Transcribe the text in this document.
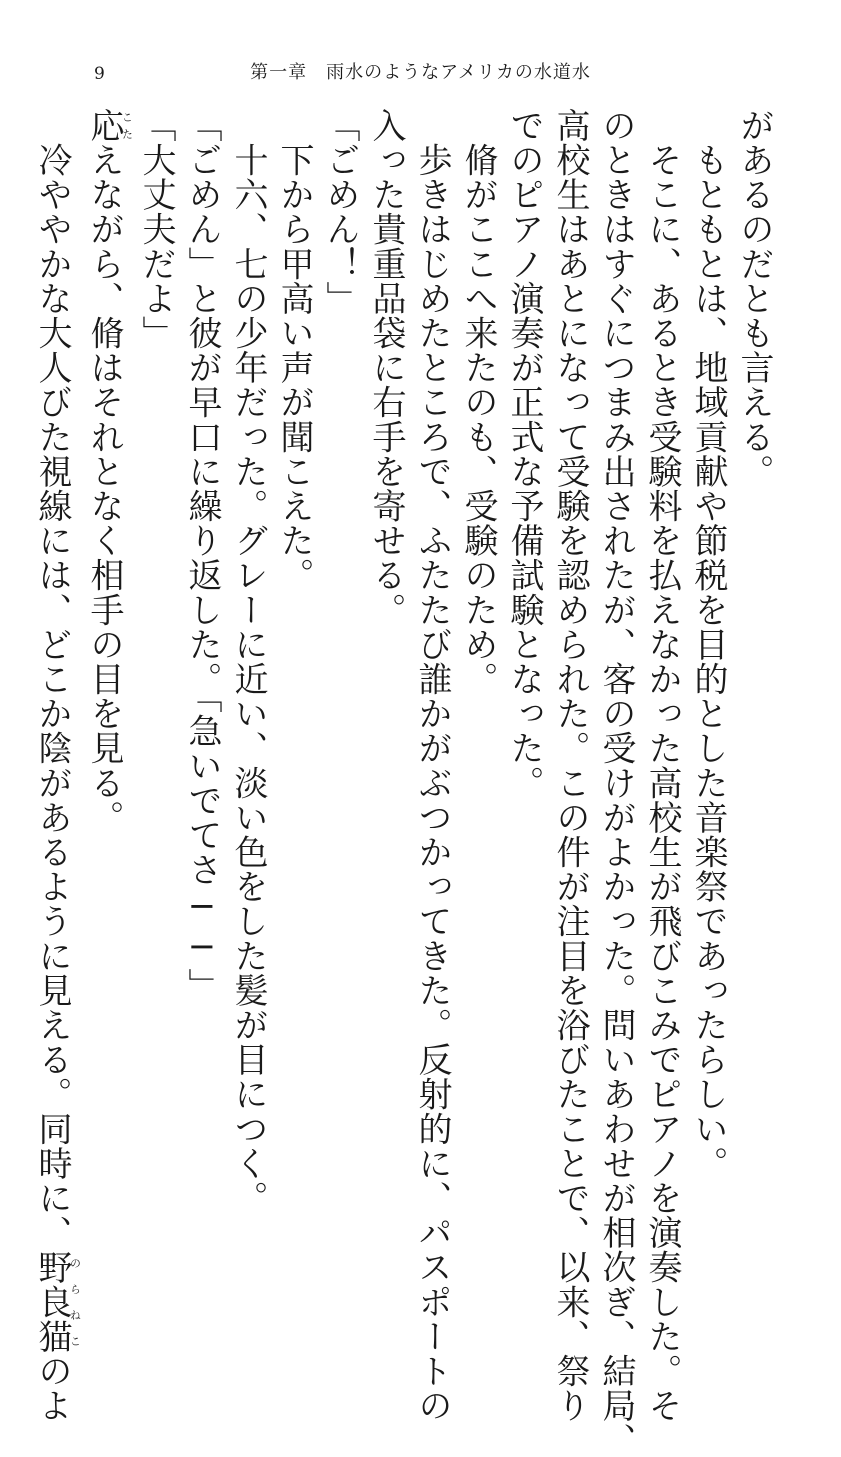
9	第一章　雨水のようなアメリカの水道水

があるのだとも言える。

　もともとは、地域貢献や節税を目的とした音楽祭であったらしい。

　そこに、あるとき受験料を払えなかった高校生が飛びこみでピアノを演奏した。そ

のときはすぐにつまみ出されたが、客の受けがよかった。問いあわせが相次ぎ、結局、

高校生はあとになって受験を認められた。この件が注目を浴びたことで、以来、祭り

でのピアノ演奏が正式な予備試験となった。

　脩がここへ来たのも、受験のため。

　歩きはじめたところで、ふたたび誰かがぶつかってきた。反射的に、パスポートの

入った貴重品袋に右手を寄せる。

「ごめん！」

　下から甲高い声が聞こえた。

　十六、七の少年だった。グレーに近い、淡い色をした髪が目につく。

「ごめん」と彼が早口に繰り返した。「急いでてさ──」

「大丈夫だよ」

応こたえながら、脩はそれとなく相手の目を見る。

　冷ややかな大人びた視線には、どこか陰があるように見える。同時に、野良猫のらねこのよ
